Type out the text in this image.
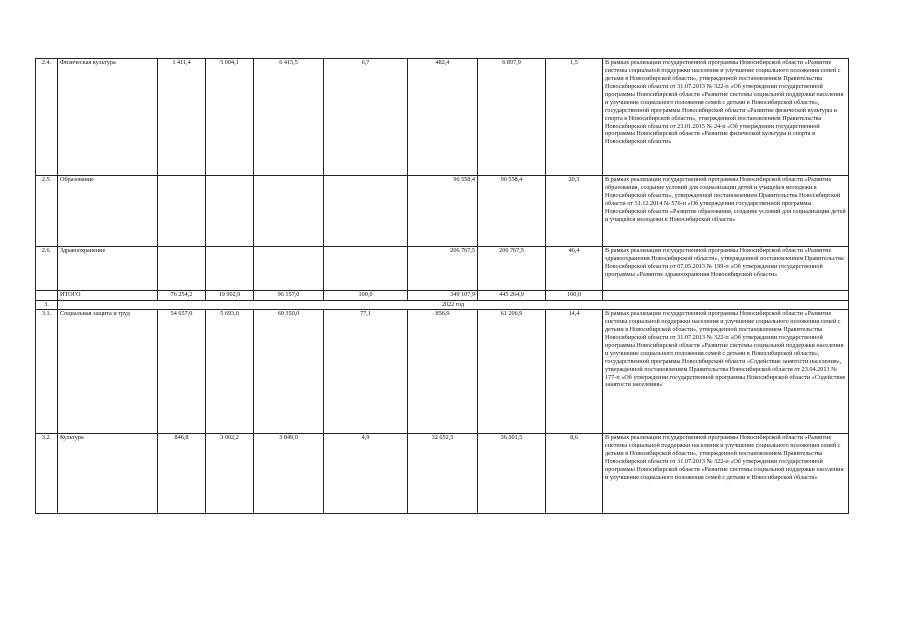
2.4.	Физическая культура	1 411,4	5 004,1	6 415,5	6,7	482,4	6 897,9	1,5	В рамках реализации государственной программы Новосибирской области «Развитие системы социальной поддержки населения и улучшение социального положения семей с детьми в Новосибирской области», утвержденной постановлением Правительства Новосибирской области от 31.07.2013 № 322-п «Об утверждении государственной программы Новосибирской области «Развитие системы социальной поддержки населения и улучшение социального положения семей с детьми в Новосибирской области», государственной программы Новосибирской области «Развитие физической культуры и спорта в Новосибирской области», утвержденной постановлением Правительства Новосибирской области от 23.01.2015 № 24-п «Об утверждении государственной программы Новосибирской области «Развитие физической культуры и спорта в Новосибирской области»

2.5.	Образование					90 558,4	90 558,4	20,3	В рамках реализации государственной программы Новосибирской области «Развитие образования, создание условий для социализации детей и учащейся молодежи в Новосибирской области», утвержденной постановлением Правительства Новосибирской области от 31.12.2014 № 576-п «Об утверждении государственной программы Новосибирской области «Развитие образования, создание условий для социализации детей и учащейся молодежи в Новосибирской области»

2.6.	Здравоохранение					206 767,5	206 767,5	46,4	В рамках реализации государственной программы Новосибирской области «Развитие здравоохранения Новосибирской области», утвержденной постановлением Правительства Новосибирской области от 07.05.2013 № 199-п «Об утверждении государственной программы «Развитие здравоохранения Новосибирской области»

	ИТОГО	76 254,2	19 902,9	96 157,0	100,0	349 107,9	445 264,9	100,0	
3.	2022 год								
3.1.	Социальная защита и труд	54 657,0	5 693,0	60 350,0	77,1	856,9	61 206,9	14,4	В рамках реализации государственной программы Новосибирской области «Развитие системы социальной поддержки населения и улучшение социального положения семей с детьми в Новосибирской области», утвержденной постановлением Правительства Новосибирской области от 31.07.2013 № 322-п «Об утверждении государственной программы Новосибирской области «Развитие системы социальной поддержки населения и улучшение социального положения семей с детьми в Новосибирской области», государственной программы Новосибирской области «Содействие занятости населения», утвержденной постановлением Правительства Новосибирской области от 23.04.2013 № 177-п «Об утверждении государственной программы Новосибирской области «Содействие занятости населения»

3.2.	Культура	846,8	3 002,2	3 849,0	4,9	32 652,5	36 501,5	8,6	В рамках реализации государственной программы Новосибирской области «Развитие системы социальной поддержки населения и улучшение социального положения семей с детьми в Новосибирской области», утвержденной постановлением Правительства Новосибирской области от 31.07.2013 № 322-п «Об утверждении государственной программы Новосибирской области «Развитие системы социальной поддержки населения и улучшение социального положения семей с детьми в Новосибирской области»
